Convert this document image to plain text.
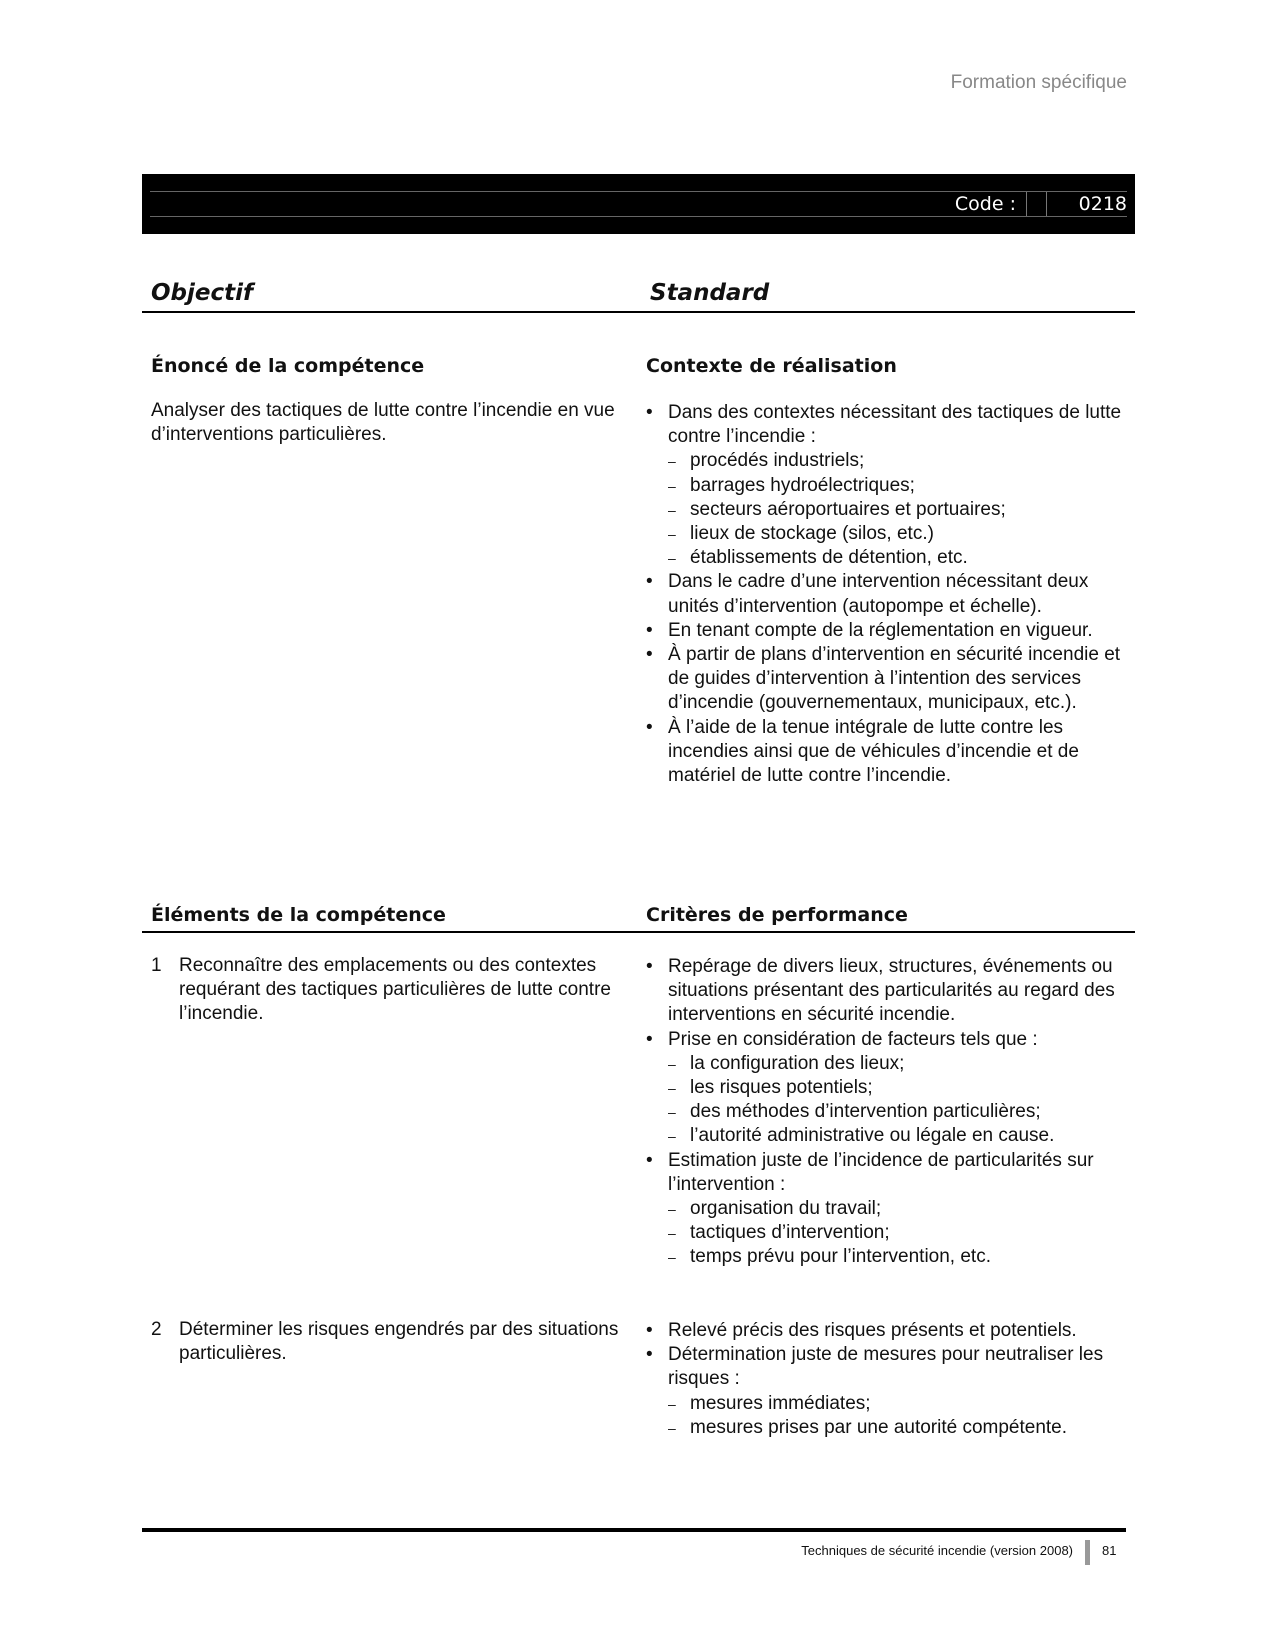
Formation spécifique
Code :	0218
Objectif	Standard
Énoncé de la compétence	Contexte de réalisation
Analyser des tactiques de lutte contre l’incendie en vue d’interventions particulières.
• Dans des contextes nécessitant des tactiques de lutte contre l’incendie :
– procédés industriels;
– barrages hydroélectriques;
– secteurs aéroportuaires et portuaires;
– lieux de stockage (silos, etc.)
– établissements de détention, etc.
• Dans le cadre d’une intervention nécessitant deux unités d’intervention (autopompe et échelle).
• En tenant compte de la réglementation en vigueur.
• À partir de plans d’intervention en sécurité incendie et de guides d’intervention à l’intention des services d’incendie (gouvernementaux, municipaux, etc.).
• À l’aide de la tenue intégrale de lutte contre les incendies ainsi que de véhicules d’incendie et de matériel de lutte contre l’incendie.
Éléments de la compétence	Critères de performance
1 Reconnaître des emplacements ou des contextes requérant des tactiques particulières de lutte contre l’incendie.
• Repérage de divers lieux, structures, événements ou situations présentant des particularités au regard des interventions en sécurité incendie.
• Prise en considération de facteurs tels que :
– la configuration des lieux;
– les risques potentiels;
– des méthodes d’intervention particulières;
– l’autorité administrative ou légale en cause.
• Estimation juste de l’incidence de particularités sur l’intervention :
– organisation du travail;
– tactiques d’intervention;
– temps prévu pour l’intervention, etc.
2 Déterminer les risques engendrés par des situations particulières.
• Relevé précis des risques présents et potentiels.
• Détermination juste de mesures pour neutraliser les risques :
– mesures immédiates;
– mesures prises par une autorité compétente.
Techniques de sécurité incendie (version 2008) 81
